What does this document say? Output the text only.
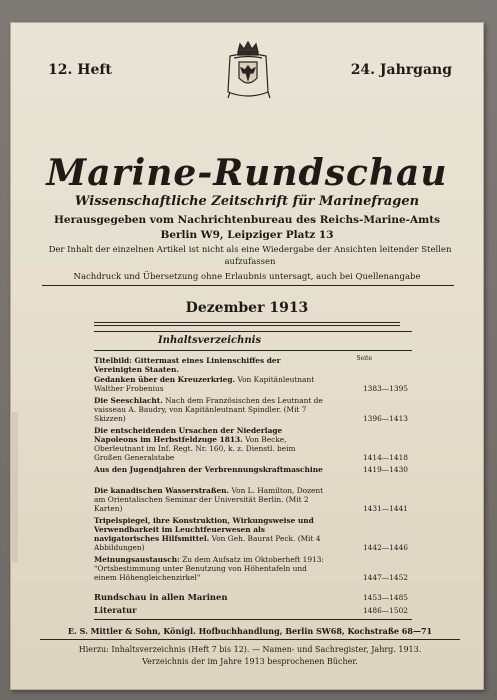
12. Heft	24. Jahrgang
Marine-Rundschau
Wissenschaftliche Zeitschrift für Marinefragen
Herausgegeben vom Nachrichtenbureau des Reichs-Marine-Amts
Berlin W9, Leipziger Platz 13
Der Inhalt der einzelnen Artikel ist nicht als eine Wiedergabe der Ansichten leitender Stellen aufzufassen
Nachdruck und Übersetzung ohne Erlaubnis untersagt, auch bei Quellenangabe
Dezember 1913
Inhaltsverzeichnis
Seite
Titelbild: Gittermast eines Linienschiffes der Vereinigten Staaten.
Gedanken über den Kreuzerkrieg. Von Kapitänleutnant Walther Frobenius	1383—1395
Die Seeschlacht. Nach dem Französischen des Leutnant de vaisseau A. Baudry, von Kapitänleutnant Spindler. (Mit 7 Skizzen)	1396—1413
Die entscheidenden Ursachen der Niederlage Napoleons im Herbstfeldzuge 1813. Von Becke, Oberleutnant im Inf. Regt. Nr. 160, k. z. Dienstl. beim Großen Generalstabe	1414—1418
Aus den Jugendjahren der Verbrennungskraftmaschine	1419—1430
Die kanadischen Wasserstraßen. Von L. Hamilton, Dozent am Orientalischen Seminar der Universität Berlin. (Mit 2 Karten)	1431—1441
Tripelspiegel, ihre Konstruktion, Wirkungsweise und Verwendbarkeit im Leuchtfeuerwesen als navigatorisches Hilfsmittel. Von Geh. Baurat Peck. (Mit 4 Abbildungen)	1442—1446
Meinungsaustausch: Zu dem Aufsatz im Oktoberheft 1913: "Ortsbestimmung unter Benutzung von Höhentafeln und einem Höhengleichenzirkel"	1447—1452
Rundschau in allen Marinen	1453—1485
Literatur	1486—1502
E. S. Mittler & Sohn, Königl. Hofbuchhandlung, Berlin SW68, Kochstraße 68—71
Hierzu: Inhaltsverzeichnis (Heft 7 bis 12). — Namen- und Sachregister, Jahrg. 1913.
Verzeichnis der im Jahre 1913 besprochenen Bücher.
